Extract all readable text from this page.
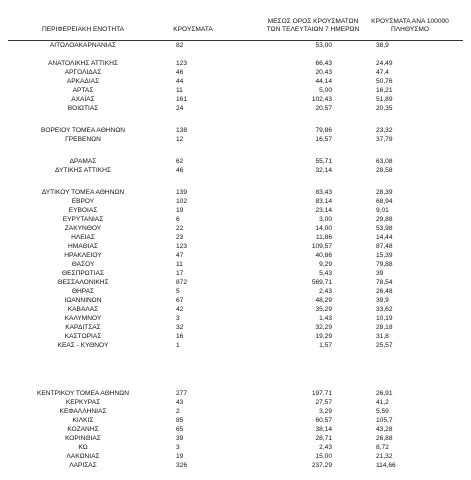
ΠΕΡΙΦΕΡΕΙΑΚΗ ΕΝΟΤΗΤΑ	ΚΡΟΥΣΜΑΤΑ
ΜΕΣΟΣ ΟΡΟΣ ΚΡΟΥΣΜΑΤΩΝ
ΤΩΝ ΤΕΛΕΥΤΑΙΩΝ 7 ΗΜΕΡΩΝ
ΚΡΟΥΣΜΑΤΑ ΑΝΑ 100000
ΠΛΗΘΥΣΜΟ
ΑΙΤΩΛΟΑΚΑΡΝΑΝΙΑΣ	82	53,00	38,9
ΑΝΑΤΟΛΙΚΗΣ ΑΤΤΙΚΗΣ	123	66,43	24,49
ΑΡΓΟΛΙΔΑΣ	46	20,43	47,4
ΑΡΚΑΔΙΑΣ	44	44,14	50,76
ΑΡΤΑΣ	11	5,00	16,21
ΑΧΑΪΑΣ	161	102,43	51,89
ΒΟΙΩΤΙΑΣ	24	20,57	20,35
ΒΟΡΕΙΟΥ ΤΟΜΕΑ ΑΘΗΝΩΝ	138	79,86	23,32
ΓΡΕΒΕΝΩΝ	12	16,57	37,79
ΔΡΑΜΑΣ	62	55,71	63,08
ΔΥΤΙΚΗΣ ΑΤΤΙΚΗΣ	46	32,14	28,58
ΔΥΤΙΚΟΥ ΤΟΜΕΑ ΑΘΗΝΩΝ	139	83,43	28,39
ΕΒΡΟΥ	102	83,14	68,94
ΕΥΒΟΙΑΣ	19	23,14	9,01
ΕΥΡΥΤΑΝΙΑΣ	6	3,00	29,88
ΖΑΚΥΝΘΟΥ	22	14,00	53,98
ΗΛΕΙΑΣ	23	11,86	14,44
ΗΜΑΘΙΑΣ	123	109,57	87,48
ΗΡΑΚΛΕΙΟΥ	47	40,86	15,39
ΘΑΣΟΥ	11	9,29	79,88
ΘΕΣΠΡΩΤΙΑΣ	17	5,43	39
ΘΕΣΣΑΛΟΝΙΚΗΣ	872	569,71	78,54
ΘΗΡΑΣ	5	2,43	26,48
ΙΩΑΝΝΙΝΩΝ	67	48,29	39,9
ΚΑΒΑΛΑΣ	42	35,29	33,62
ΚΑΛΥΜΝΟΥ	3	1,43	10,19
ΚΑΡΔΙΤΣΑΣ	32	32,29	28,18
ΚΑΣΤΟΡΙΑΣ	16	19,29	31,8
ΚΕΑΣ - ΚΥΘΝΟΥ	1	1,57	25,57
ΚΕΝΤΡΙΚΟΥ ΤΟΜΕΑ ΑΘΗΝΩΝ	277	197,71	26,91
ΚΕΡΚΥΡΑΣ	43	27,57	41,2
ΚΕΦΑΛΛΗΝΙΑΣ	2	3,29	5,59
ΚΙΛΚΙΣ	85	60,57	105,7
ΚΟΖΑΝΗΣ	65	38,14	43,28
ΚΟΡΙΝΘΙΑΣ	39	28,71	26,88
ΚΩ	3	2,43	8,72
ΛΑΚΩΝΙΑΣ	19	15,00	21,32
ΛΑΡΙΣΑΣ	326	237,29	114,66
